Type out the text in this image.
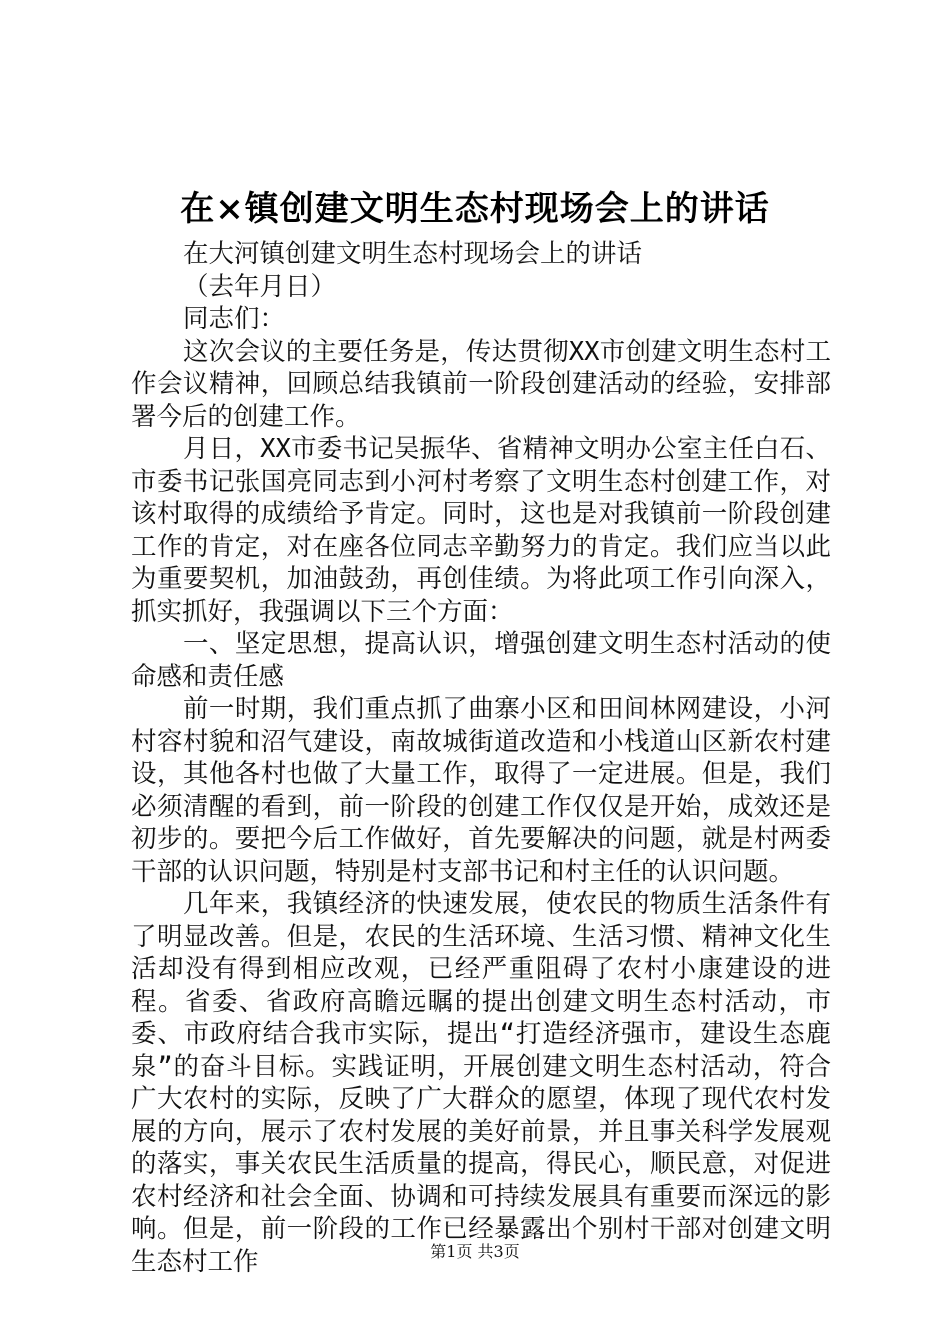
在×镇创建文明生态村现场会上的讲话

在大河镇创建文明生态村现场会上的讲话

（去年月日）

同志们：

这次会议的主要任务是，传达贯彻XX市创建文明生态村工作会议精神，回顾总结我镇前一阶段创建活动的经验，安排部署今后的创建工作。

月日，XX市委书记吴振华、省精神文明办公室主任白石、市委书记张国亮同志到小河村考察了文明生态村创建工作，对该村取得的成绩给予肯定。同时，这也是对我镇前一阶段创建工作的肯定，对在座各位同志辛勤努力的肯定。我们应当以此为重要契机，加油鼓劲，再创佳绩。为将此项工作引向深入，抓实抓好，我强调以下三个方面：

一、坚定思想，提高认识，增强创建文明生态村活动的使命感和责任感

前一时期，我们重点抓了曲寨小区和田间林网建设，小河村容村貌和沼气建设，南故城街道改造和小栈道山区新农村建设，其他各村也做了大量工作，取得了一定进展。但是，我们必须清醒的看到，前一阶段的创建工作仅仅是开始，成效还是初步的。要把今后工作做好，首先要解决的问题，就是村两委干部的认识问题，特别是村支部书记和村主任的认识问题。

几年来，我镇经济的快速发展，使农民的物质生活条件有了明显改善。但是，农民的生活环境、生活习惯、精神文化生活却没有得到相应改观，已经严重阻碍了农村小康建设的进程。省委、省政府高瞻远瞩的提出创建文明生态村活动，市委、市政府结合我市实际，提出“打造经济强市，建设生态鹿泉”的奋斗目标。实践证明，开展创建文明生态村活动，符合广大农村的实际，反映了广大群众的愿望，体现了现代农村发展的方向，展示了农村发展的美好前景，并且事关科学发展观的落实，事关农民生活质量的提高，得民心，顺民意，对促进农村经济和社会全面、协调和可持续发展具有重要而深远的影响。但是，前一阶段的工作已经暴露出个别村干部对创建文明生态村工作	第1页 共3页
